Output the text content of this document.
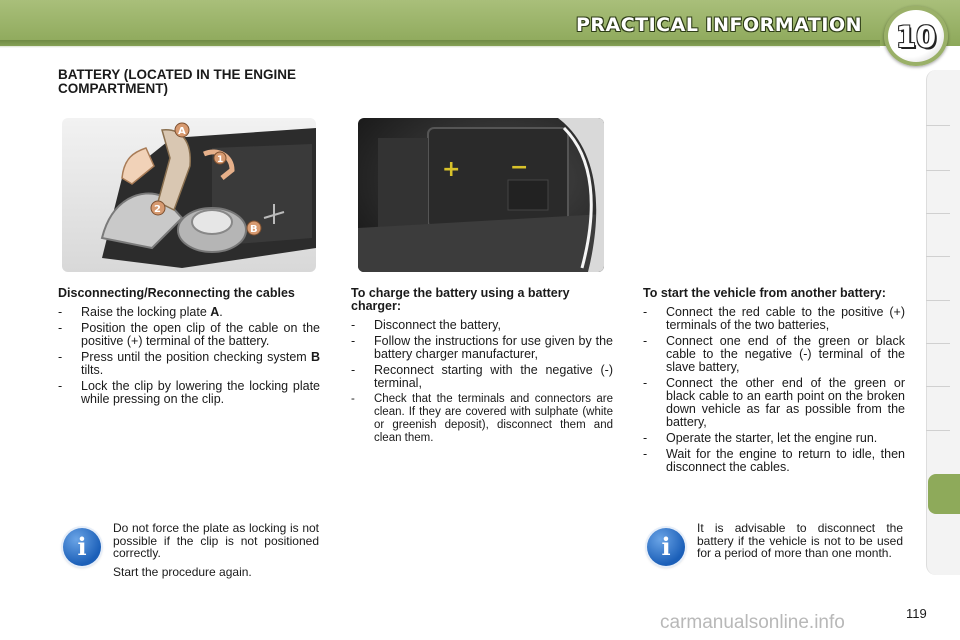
PRACTICAL INFORMATION 10
BATTERY (LOCATED IN THE ENGINE COMPARTMENT)
A
1
2
B
+ −
Disconnecting/Reconnecting the cables
- Raise the locking plate A.
- Position the open clip of the cable on the positive (+) terminal of the battery.
- Press until the position checking system B tilts.
- Lock the clip by lowering the locking plate while pressing on the clip.
To charge the battery using a battery charger:
- Disconnect the battery,
- Follow the instructions for use given by the battery charger manufacturer,
- Reconnect starting with the negative (-) terminal,
- Check that the terminals and connectors are clean. If they are covered with sulphate (white or greenish deposit), disconnect them and clean them.
To start the vehicle from another battery:
- Connect the red cable to the positive (+) terminals of the two batteries,
- Connect one end of the green or black cable to the negative (-) terminal of the slave battery,
- Connect the other end of the green or black cable to an earth point on the broken down vehicle as far as possible from the battery,
- Operate the starter, let the engine run.
- Wait for the engine to return to idle, then disconnect the cables.
i

Do not force the plate as locking is not possible if the clip is not positioned correctly.

Start the procedure again.

i

It is advisable to disconnect the battery if the vehicle is not to be used for a period of more than one month.

119
carmanualsonline.info
